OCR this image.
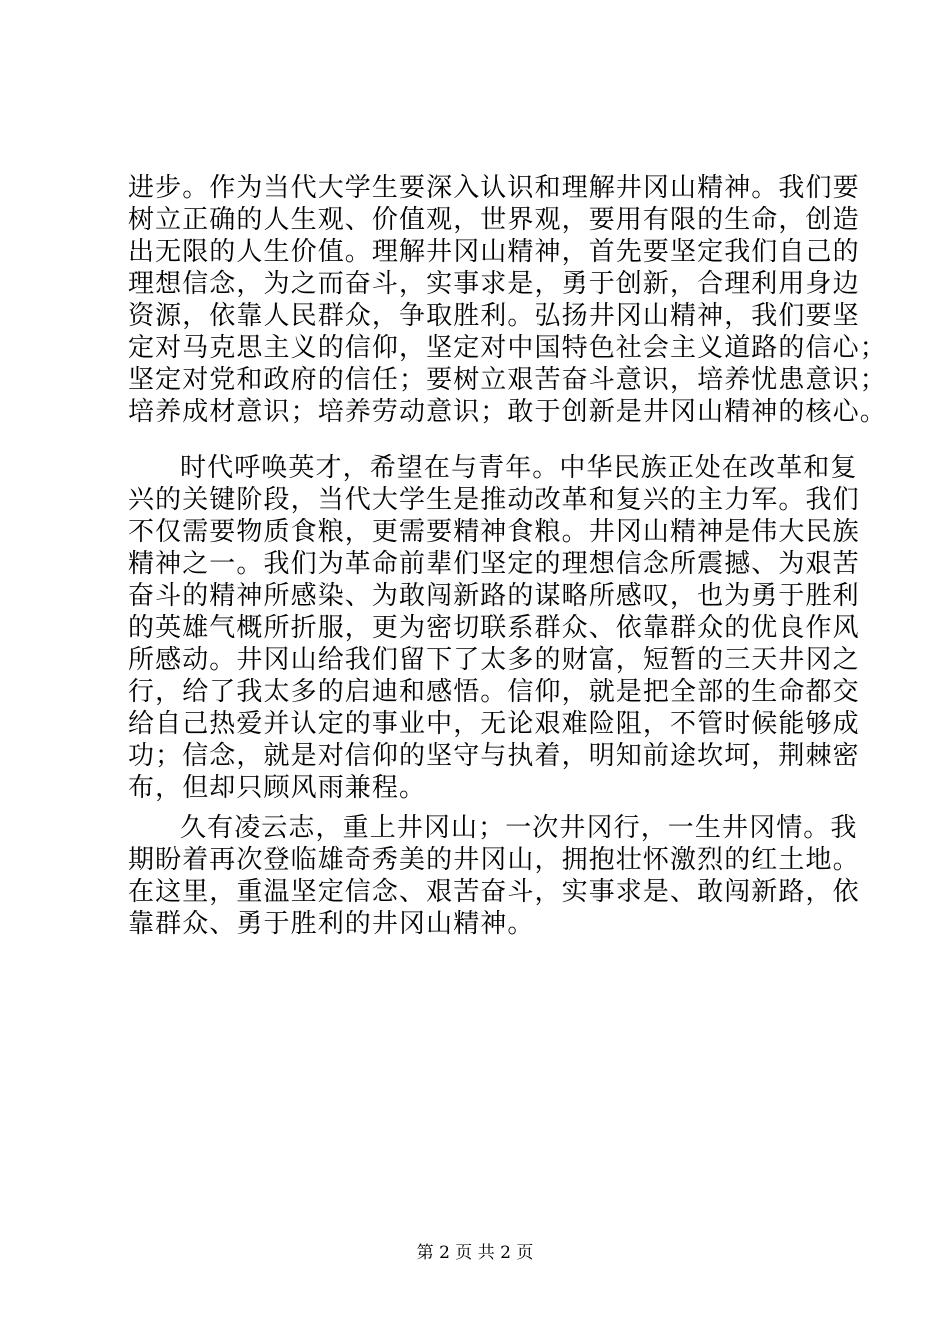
进步。作为当代大学生要深入认识和理解井冈山精神。我们要
树立正确的人生观、价值观，世界观，要用有限的生命，创造
出无限的人生价值。理解井冈山精神，首先要坚定我们自己的
理想信念，为之而奋斗，实事求是，勇于创新，合理利用身边
资源，依靠人民群众，争取胜利。弘扬井冈山精神，我们要坚
定对马克思主义的信仰，坚定对中国特色社会主义道路的信心；
坚定对党和政府的信任；要树立艰苦奋斗意识，培养忧患意识；
培养成材意识；培养劳动意识；敢于创新是井冈山精神的核心。
时代呼唤英才，希望在与青年。中华民族正处在改革和复
兴的关键阶段，当代大学生是推动改革和复兴的主力军。我们
不仅需要物质食粮，更需要精神食粮。井冈山精神是伟大民族
精神之一。我们为革命前辈们坚定的理想信念所震撼、为艰苦
奋斗的精神所感染、为敢闯新路的谋略所感叹，也为勇于胜利
的英雄气概所折服，更为密切联系群众、依靠群众的优良作风
所感动。井冈山给我们留下了太多的财富，短暂的三天井冈之
行，给了我太多的启迪和感悟。信仰，就是把全部的生命都交
给自己热爱并认定的事业中，无论艰难险阻，不管时候能够成
功；信念，就是对信仰的坚守与执着，明知前途坎坷，荆棘密
布，但却只顾风雨兼程。
久有凌云志，重上井冈山；一次井冈行，一生井冈情。我
期盼着再次登临雄奇秀美的井冈山，拥抱壮怀激烈的红土地。
在这里，重温坚定信念、艰苦奋斗，实事求是、敢闯新路，依
靠群众、勇于胜利的井冈山精神。
第 2 页 共 2 页
